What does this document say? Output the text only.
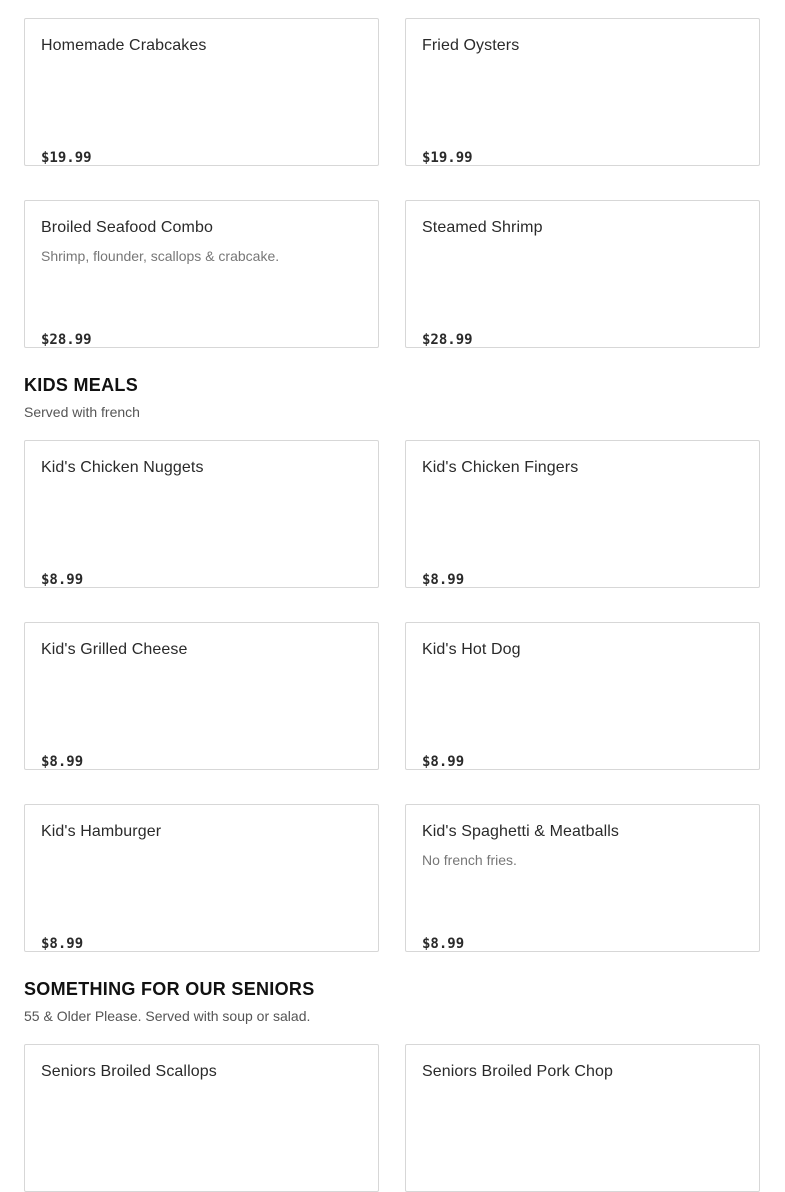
Homemade Crabcakes
$19.99
Fried Oysters
$19.99
Broiled Seafood Combo
Shrimp, flounder, scallops & crabcake.
$28.99
Steamed Shrimp
$28.99
KIDS MEALS

Served with french

Kid's Chicken Nuggets
$8.99
Kid's Chicken Fingers
$8.99
Kid's Grilled Cheese
$8.99
Kid's Hot Dog
$8.99
Kid's Hamburger
$8.99
Kid's Spaghetti & Meatballs
No french fries.
$8.99
SOMETHING FOR OUR SENIORS

55 & Older Please. Served with soup or salad.

Seniors Broiled Scallops	Seniors Broiled Pork Chop
